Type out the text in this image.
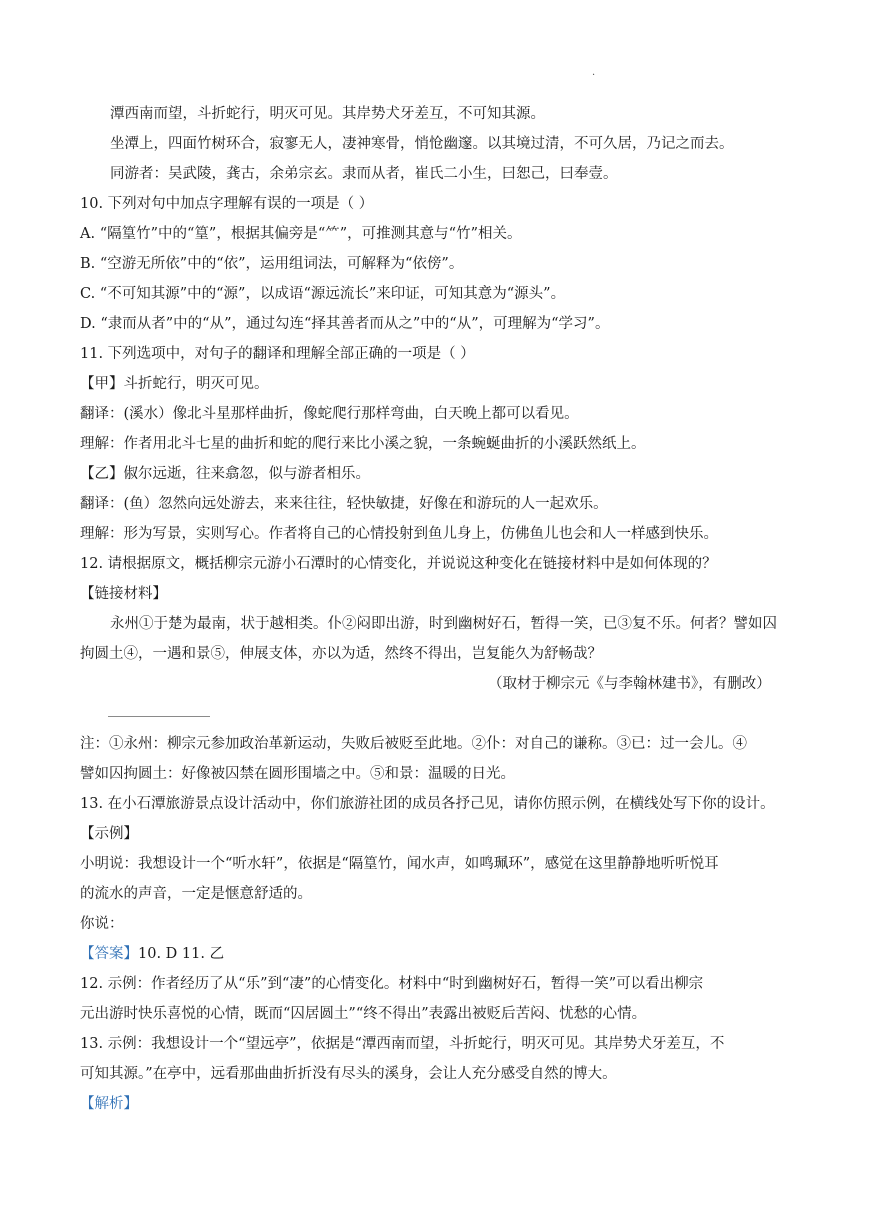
·
潭西南而望，斗折蛇行，明灭可见。其岸势犬牙差互，不可知其源。
坐潭上，四面竹树环合，寂寥无人，凄神寒骨，悄怆幽邃。以其境过清，不可久居，乃记之而去。
同游者：吴武陵，龚古，余弟宗玄。隶而从者，崔氏二小生，曰恕己，曰奉壹。
10. 下列对句中加点字理解有误的一项是（ ）
A. “隔篁竹”中的“篁”，根据其偏旁是“⺮”，可推测其意与“竹”相关。
B. “空游无所依”中的“依”，运用组词法，可解释为“依傍”。
C. “不可知其源”中的“源”，以成语“源远流长”来印证，可知其意为“源头”。
D. “隶而从者”中的“从”，通过勾连“择其善者而从之”中的“从”，可理解为“学习”。
11. 下列选项中，对句子的翻译和理解全部正确的一项是（ ）
【甲】斗折蛇行，明灭可见。
翻译：(溪水）像北斗星那样曲折，像蛇爬行那样弯曲，白天晚上都可以看见。
理解：作者用北斗七星的曲折和蛇的爬行来比小溪之貌，一条蜿蜒曲折的小溪跃然纸上。
【乙】俶尔远逝，往来翕忽，似与游者相乐。
翻译：(鱼）忽然向远处游去，来来往往，轻快敏捷，好像在和游玩的人一起欢乐。
理解：形为写景，实则写心。作者将自己的心情投射到鱼儿身上，仿佛鱼儿也会和人一样感到快乐。
12. 请根据原文，概括柳宗元游小石潭时的心情变化，并说说这种变化在链接材料中是如何体现的？
【链接材料】
永州①于楚为最南，状于越相类。仆②闷即出游，时到幽树好石，暂得一笑，已③复不乐。何者？譬如囚
拘圆土④，一遇和景⑤，伸展支体，亦以为适，然终不得出，岂复能久为舒畅哉？
（取材于柳宗元《与李翰林建书》，有删改）
注：①永州：柳宗元参加政治革新运动，失败后被贬至此地。②仆：对自己的谦称。③已：过一会儿。④
譬如囚拘圆土：好像被囚禁在圆形围墙之中。⑤和景：温暖的日光。
13. 在小石潭旅游景点设计活动中，你们旅游社团的成员各抒己见，请你仿照示例，在横线处写下你的设计。
【示例】
小明说：我想设计一个“听水轩”，依据是“隔篁竹，闻水声，如鸣珮环”，感觉在这里静静地听听悦耳
的流水的声音，一定是惬意舒适的。
你说：
【答案】10. D 11. 乙
12. 示例：作者经历了从“乐”到“凄”的心情变化。材料中“时到幽树好石，暂得一笑”可以看出柳宗
元出游时快乐喜悦的心情，既而“囚居圆土”“终不得出”表露出被贬后苦闷、忧愁的心情。
13. 示例：我想设计一个“望远亭”，依据是“潭西南而望，斗折蛇行，明灭可见。其岸势犬牙差互，不
可知其源。”在亭中，远看那曲曲折折没有尽头的溪身，会让人充分感受自然的博大。
【解析】
